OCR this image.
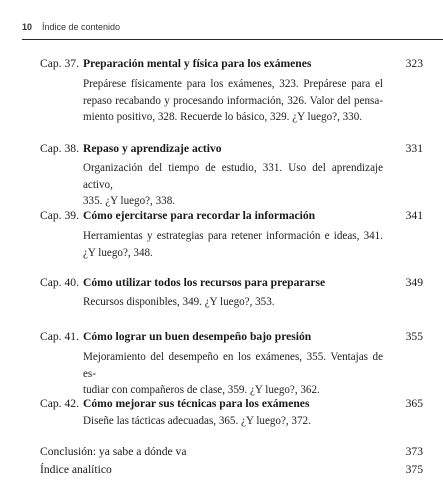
10 Índice de contenido
Cap. 37. Preparación mental y física para los exámenes	323
Prepárese físicamente para los exámenes, 323. Prepárese para el
repaso recabando y procesando información, 326. Valor del pensa-
miento positivo, 328. Recuerde lo básico, 329. ¿Y luego?, 330.
Cap. 38. Repaso y aprendizaje activo	331
Organización del tiempo de estudio, 331. Uso del aprendizaje activo,
335. ¿Y luego?, 338.
Cap. 39. Cómo ejercitarse para recordar la información	341
Herramientas y estrategias para retener información e ideas, 341.
¿Y luego?, 348.
Cap. 40. Cómo utilizar todos los recursos para prepararse	349
Recursos disponibles, 349. ¿Y luego?, 353.
Cap. 41. Cómo lograr un buen desempeño bajo presión	355
Mejoramiento del desempeño en los exámenes, 355. Ventajas de es-
tudiar con compañeros de clase, 359. ¿Y luego?, 362.
Cap. 42. Cómo mejorar sus técnicas para los exámenes	365
Diseñe las tácticas adecuadas, 365. ¿Y luego?, 372.
Conclusión: ya sabe a dónde va	373
Índice analítico	375
